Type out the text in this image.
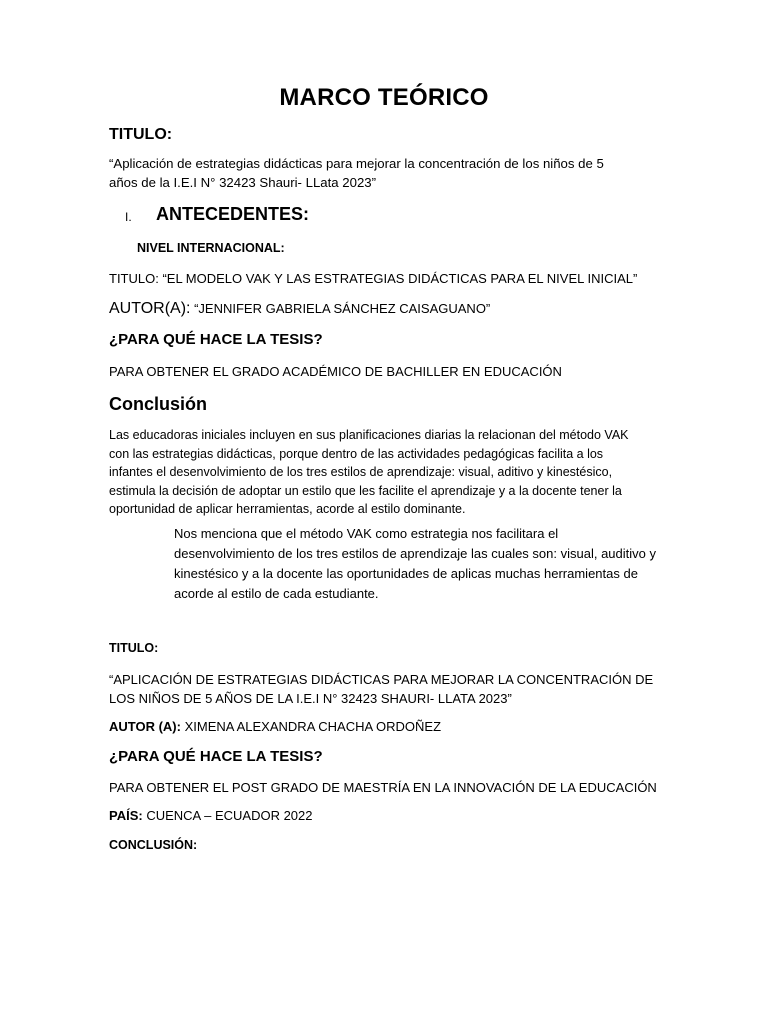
MARCO TEÓRICO
TITULO:
“Aplicación de estrategias didácticas para mejorar la concentración de los niños de 5
años de la I.E.I N° 32423 Shauri- LLata 2023”
I. ANTECEDENTES:
NIVEL INTERNACIONAL:
TITULO: “EL MODELO VAK Y LAS ESTRATEGIAS DIDÁCTICAS PARA EL NIVEL INICIAL”
AUTOR(A): “JENNIFER GABRIELA SÁNCHEZ CAISAGUANO”
¿PARA QUÉ HACE LA TESIS?
PARA OBTENER EL GRADO ACADÉMICO DE BACHILLER EN EDUCACIÓN
Conclusión
Las educadoras iniciales incluyen en sus planificaciones diarias la relacionan del método VAK
con las estrategias didácticas, porque dentro de las actividades pedagógicas facilita a los
infantes el desenvolvimiento de los tres estilos de aprendizaje: visual, aditivo y kinestésico,
estimula la decisión de adoptar un estilo que les facilite el aprendizaje y a la docente tener la
oportunidad de aplicar herramientas, acorde al estilo dominante.
Nos menciona que el método VAK como estrategia nos facilitara el
desenvolvimiento de los tres estilos de aprendizaje las cuales son: visual, auditivo y
kinestésico y a la docente las oportunidades de aplicas muchas herramientas de
acorde al estilo de cada estudiante.
TITULO:
“APLICACIÓN DE ESTRATEGIAS DIDÁCTICAS PARA MEJORAR LA CONCENTRACIÓN DE
LOS NIÑOS DE 5 AÑOS DE LA I.E.I N° 32423 SHAURI- LLATA 2023”
AUTOR (A): XIMENA ALEXANDRA CHACHA ORDOÑEZ
¿PARA QUÉ HACE LA TESIS?
PARA OBTENER EL POST GRADO DE MAESTRÍA EN LA INNOVACIÓN DE LA EDUCACIÓN
PAÍS: CUENCA – ECUADOR 2022
CONCLUSIÓN:
